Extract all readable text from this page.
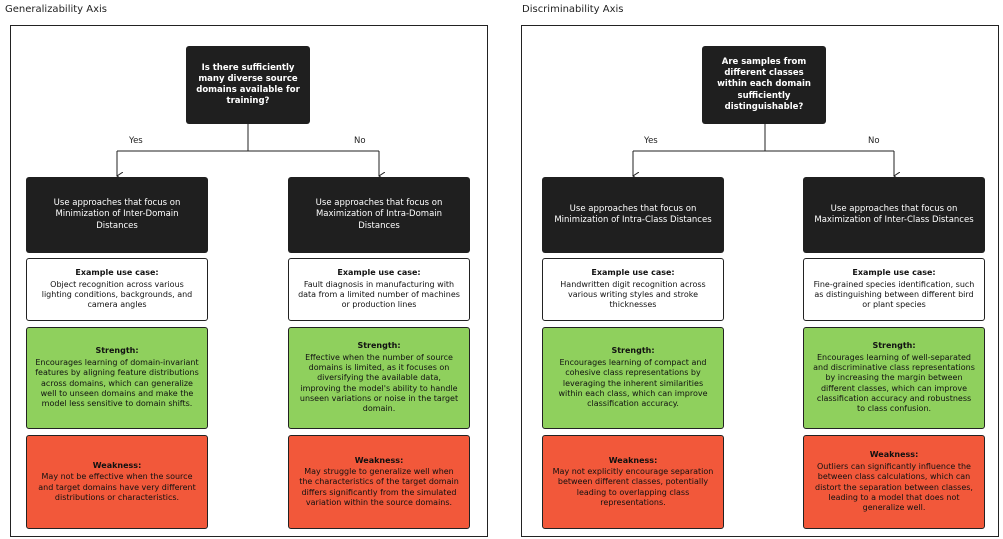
Generalizability Axis
Is there sufficiently many diverse source domains available for training?
Yes	No
Use approaches that focus on Minimization of Inter-Domain Distances
Example use case:
Object recognition across various lighting conditions, backgrounds, and camera angles
Strength:
Encourages learning of domain-invariant features by aligning feature distributions across domains, which can generalize well to unseen domains and make the model less sensitive to domain shifts.
Weakness:
May not be effective when the source and target domains have very different distributions or characteristics.
Use approaches that focus on Maximization of Intra-Domain Distances
Example use case:
Fault diagnosis in manufacturing with data from a limited number of machines or production lines
Strength:
Effective when the number of source domains is limited, as it focuses on diversifying the available data, improving the model's ability to handle unseen variations or noise in the target domain.
Weakness:
May struggle to generalize well when the characteristics of the target domain differs significantly from the simulated variation within the source domains.
Discriminability Axis
Are samples from different classes within each domain sufficiently distinguishable?
Yes	No
Use approaches that focus on Minimization of Intra-Class Distances
Example use case:
Handwritten digit recognition across various writing styles and stroke thicknesses
Strength:
Encourages learning of compact and cohesive class representations by leveraging the inherent similarities within each class, which can improve classification accuracy.
Weakness:
May not explicitly encourage separation between different classes, potentially leading to overlapping class representations.
Use approaches that focus on Maximization of Inter-Class Distances
Example use case:
Fine-grained species identification, such as distinguishing between different bird or plant species
Strength:
Encourages learning of well-separated and discriminative class representations by increasing the margin between different classes, which can improve classification accuracy and robustness to class confusion.
Weakness:
Outliers can significantly influence the between class calculations, which can distort the separation between classes, leading to a model that does not generalize well.
